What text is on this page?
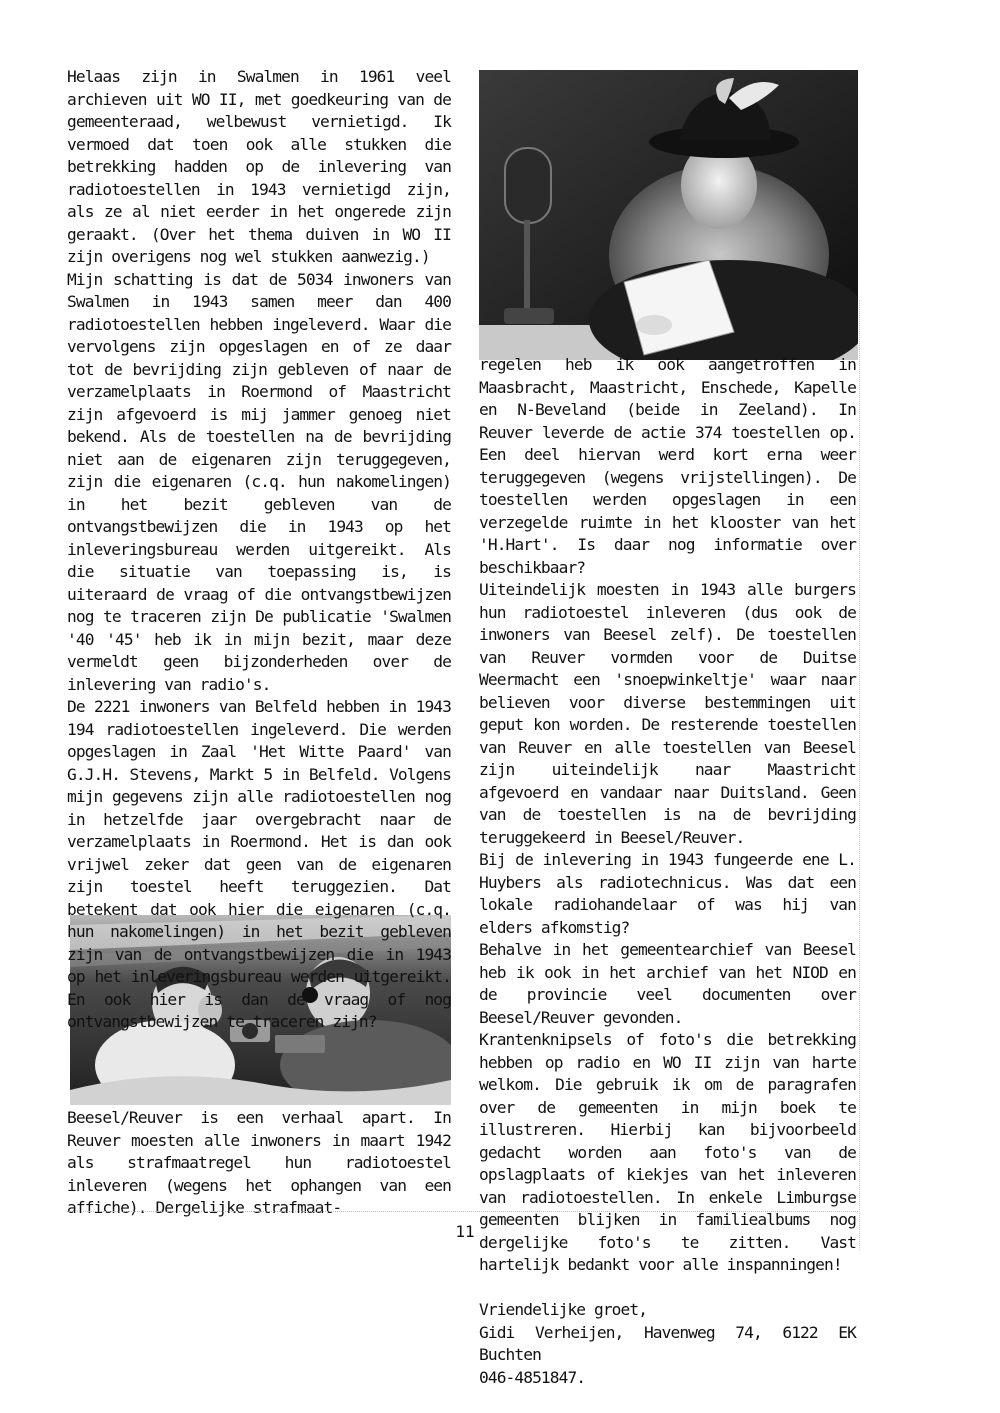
Helaas zijn in Swalmen in 1961 veel archieven uit WO II, met goedkeuring van de gemeenteraad, welbewust vernietigd. Ik vermoed dat toen ook alle stukken die betrekking hadden op de inlevering van radiotoestellen in 1943 vernietigd zijn, als ze al niet eerder in het ongerede zijn geraakt. (Over het thema duiven in WO II zijn overigens nog wel stukken aanwezig.)

Mijn schatting is dat de 5034 inwoners van Swalmen in 1943 samen meer dan 400 radiotoestellen hebben ingeleverd. Waar die vervolgens zijn opgeslagen en of ze daar tot de bevrijding zijn gebleven of naar de verzamelplaats in Roermond of Maastricht zijn afgevoerd is mij jammer genoeg niet bekend. Als de toestellen na de bevrijding niet aan de eigenaren zijn teruggegeven, zijn die eigenaren (c.q. hun nakomelingen) in het bezit gebleven van de ontvangstbewijzen die in 1943 op het inleveringsbureau werden uitgereikt. Als die situatie van toepassing is, is uiteraard de vraag of die ontvangstbewijzen nog te traceren zijn De publicatie 'Swalmen '40 '45' heb ik in mijn bezit, maar deze vermeldt geen bijzonderheden over de inlevering van radio's.

De 2221 inwoners van Belfeld hebben in 1943 194 radiotoestellen ingeleverd. Die werden opgeslagen in Zaal 'Het Witte Paard' van G.J.H. Stevens, Markt 5 in Belfeld. Volgens mijn gegevens zijn alle radiotoestellen nog in hetzelfde jaar overgebracht naar de verzamelplaats in Roermond. Het is dan ook vrijwel zeker dat geen van de eigenaren zijn toestel heeft teruggezien. Dat betekent dat ook hier die eigenaren (c.q. hun nakomelingen) in het bezit gebleven zijn van de ontvangstbewijzen die in 1943 op het inleveringsbureau werden uitgereikt. En ook hier is dan de vraag of nog ontvangstbewijzen te traceren zijn?

Beesel/Reuver is een verhaal apart. In Reuver moesten alle inwoners in maart 1942 als strafmaatregel hun radiotoestel inleveren (wegens het ophangen van een affiche). Dergelijke strafmaat-

regelen heb ik ook aangetroffen in Maasbracht, Maastricht, Enschede, Kapelle en N-Beveland (beide in Zeeland). In Reuver leverde de actie 374 toestellen op. Een deel hiervan werd kort erna weer teruggegeven (wegens vrijstellingen). De toestellen werden opgeslagen in een verzegelde ruimte in het klooster van het 'H.Hart'. Is daar nog informatie over beschikbaar?

Uiteindelijk moesten in 1943 alle burgers hun radiotoestel inleveren (dus ook de inwoners van Beesel zelf). De toestellen van Reuver vormden voor de Duitse Weermacht een 'snoepwinkeltje' waar naar believen voor diverse bestemmingen uit geput kon worden. De resterende toestellen van Reuver en alle toestellen van Beesel zijn uiteindelijk naar Maastricht afgevoerd en vandaar naar Duitsland. Geen van de toestellen is na de bevrijding teruggekeerd in Beesel/Reuver.

Bij de inlevering in 1943 fungeerde ene L. Huybers als radiotechnicus. Was dat een lokale radiohandelaar of was hij van elders afkomstig?

Behalve in het gemeentearchief van Beesel heb ik ook in het archief van het NIOD en de provincie veel documenten over Beesel/Reuver gevonden.

Krantenknipsels of foto's die betrekking hebben op radio en WO II zijn van harte welkom. Die gebruik ik om de paragrafen over de gemeenten in mijn boek te illustreren. Hierbij kan bijvoorbeeld gedacht worden aan foto's van de opslagplaats of kiekjes van het inleveren van radiotoestellen. In enkele Limburgse gemeenten blijken in familiealbums nog dergelijke foto's te zitten. Vast hartelijk bedankt voor alle inspanningen!

Vriendelijke groet,

Gidi Verheijen, Havenweg 74, 6122 EK Buchten

046-4851847.

11
